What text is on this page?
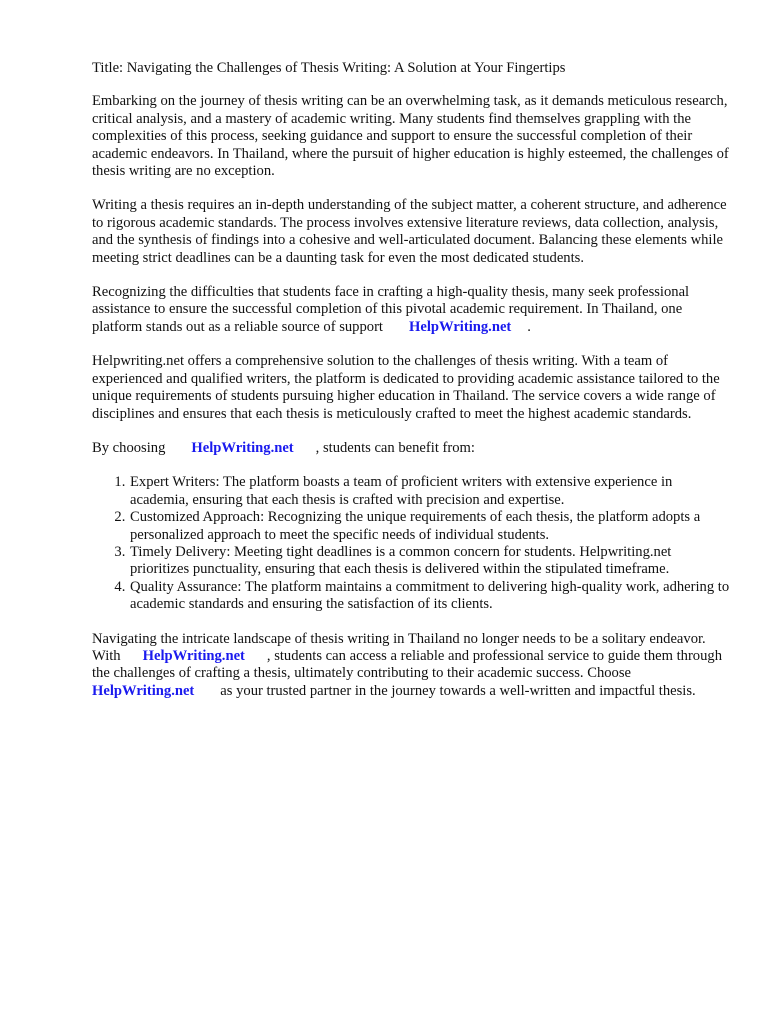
Title: Navigating the Challenges of Thesis Writing: A Solution at Your Fingertips

Embarking on the journey of thesis writing can be an overwhelming task, as it demands meticulous research, critical analysis, and a mastery of academic writing. Many students find themselves grappling with the complexities of this process, seeking guidance and support to ensure the successful completion of their academic endeavors. In Thailand, where the pursuit of higher education is highly esteemed, the challenges of thesis writing are no exception.

Writing a thesis requires an in-depth understanding of the subject matter, a coherent structure, and adherence to rigorous academic standards. The process involves extensive literature reviews, data collection, analysis, and the synthesis of findings into a cohesive and well-articulated document. Balancing these elements while meeting strict deadlines can be a daunting task for even the most dedicated students.

Recognizing the difficulties that students face in crafting a high-quality thesis, many seek professional assistance to ensure the successful completion of this pivotal academic requirement. In Thailand, one platform stands out as a reliable source of support HelpWriting.net .

Helpwriting.net offers a comprehensive solution to the challenges of thesis writing. With a team of experienced and qualified writers, the platform is dedicated to providing academic assistance tailored to the unique requirements of students pursuing higher education in Thailand. The service covers a wide range of disciplines and ensures that each thesis is meticulously crafted to meet the highest academic standards.

By choosing HelpWriting.net , students can benefit from:

1. Expert Writers: The platform boasts a team of proficient writers with extensive experience in academia, ensuring that each thesis is crafted with precision and expertise.
2. Customized Approach: Recognizing the unique requirements of each thesis, the platform adopts a personalized approach to meet the specific needs of individual students.
3. Timely Delivery: Meeting tight deadlines is a common concern for students. Helpwriting.net prioritizes punctuality, ensuring that each thesis is delivered within the stipulated timeframe.
4. Quality Assurance: The platform maintains a commitment to delivering high-quality work, adhering to academic standards and ensuring the satisfaction of its clients.

Navigating the intricate landscape of thesis writing in Thailand no longer needs to be a solitary endeavor. With HelpWriting.net , students can access a reliable and professional service to guide them through the challenges of crafting a thesis, ultimately contributing to their academic success. ChooseHelpWriting.net as your trusted partner in the journey towards a well-written and impactful thesis.
